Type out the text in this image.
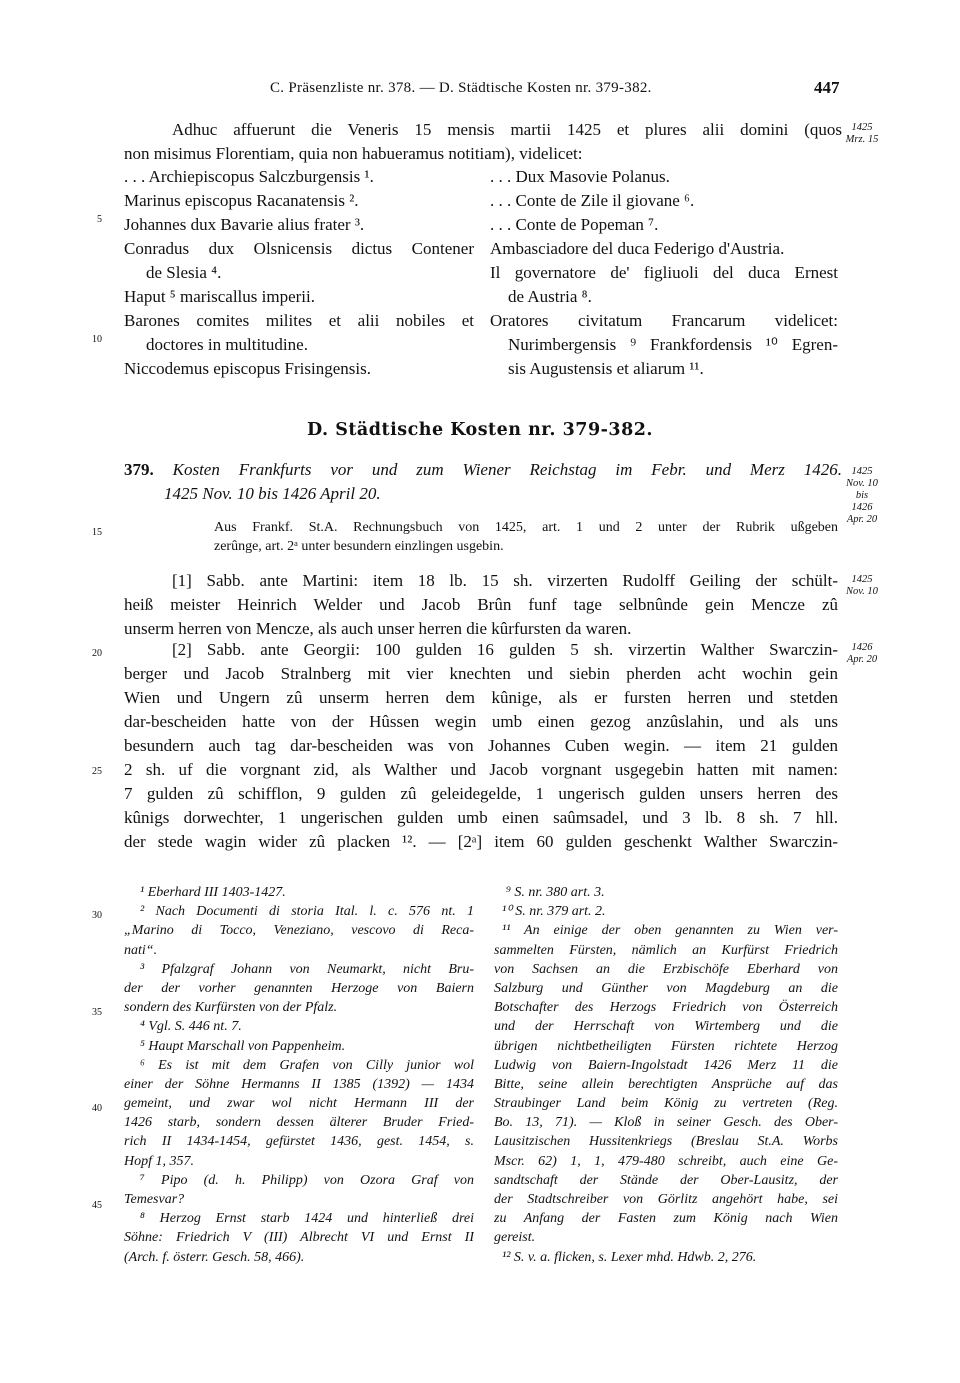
C. Präsenzliste nr. 378. — D. Städtische Kosten nr. 379-382.	447
Adhuc affuerunt die Veneris 15 mensis martii 1425 et plures alii domini (quos
non misimus Florentiam, quia non habueramus notitiam), videlicet:
1425
Mrz. 15
. . . Archiepiscopus Salczburgensis ¹.
Marinus episcopus Racanatensis ².
Johannes dux Bavarie alius frater ³.
Conradus dux Olsnicensis dictus Contener
de Slesia ⁴.
Haput ⁵ mariscallus imperii.
Barones comites milites et alii nobiles et
doctores in multitudine.
Niccodemus episcopus Frisingensis.
. . . Dux Masovie Polanus.
. . . Conte de Zile il giovane ⁶.
. . . Conte de Popeman ⁷.
Ambasciadore del duca Federigo d'Austria.
Il governatore de' figliuoli del duca Ernest
de Austria ⁸.
Oratores civitatum Francarum videlicet:
Nurimbergensis ⁹ Frankfordensis ¹⁰ Egren-
sis Augustensis et aliarum ¹¹.
5
10
15
20
25
30
35
40
45
D. Städtische Kosten nr. 379-382.
379. Kosten Frankfurts vor und zum Wiener Reichstag im Febr. und Merz 1426.
1425 Nov. 10 bis 1426 April 20.
1425
Nov. 10
bis
1426
Apr. 20
Aus Frankf. St.A. Rechnungsbuch von 1425, art. 1 und 2 unter der Rubrik ußgeben
zerûnge, art. 2ᵃ unter besundern einzlingen usgebin.
[1] Sabb. ante Martini: item 18 lb. 15 sh. virzerten Rudolff Geiling der schült-
heiß meister Heinrich Welder und Jacob Brûn funf tage selbnûnde gein Mencze zû
unserm herren von Mencze, als auch unser herren die kûrfursten da waren.
1425
Nov. 10
[2] Sabb. ante Georgii: 100 gulden 16 gulden 5 sh. virzertin Walther Swarczin-
berger und Jacob Stralnberg mit vier knechten und siebin pherden acht wochin gein
Wien und Ungern zû unserm herren dem kûnige, als er fursten herren und stetden
dar-bescheiden hatte von der Hûssen wegin umb einen gezog anzûslahin, und als uns
besundern auch tag dar-bescheiden was von Johannes Cuben wegin. — item 21 gulden
2 sh. uf die vorgnant zid, als Walther und Jacob vorgnant usgegebin hatten mit namen:
7 gulden zû schifflon, 9 gulden zû geleidegelde, 1 ungerisch gulden unsers herren des
kûnigs dorwechter, 1 ungerischen gulden umb einen saûmsadel, und 3 lb. 8 sh. 7 hll.
der stede wagin wider zû placken ¹². — [2ᵃ] item 60 gulden geschenkt Walther Swarczin-
1426
Apr. 20
¹ Eberhard III 1403-1427.
² Nach Documenti di storia Ital. l. c. 576 nt. 1
„Marino di Tocco, Veneziano, vescovo di Reca-
nati“.
³ Pfalzgraf Johann von Neumarkt, nicht Bru-
der der vorher genannten Herzoge von Baiern
sondern des Kurfürsten von der Pfalz.
⁴ Vgl. S. 446 nt. 7.
⁵ Haupt Marschall von Pappenheim.
⁶ Es ist mit dem Grafen von Cilly junior wol
einer der Söhne Hermanns II 1385 (1392) — 1434
gemeint, und zwar wol nicht Hermann III der
1426 starb, sondern dessen älterer Bruder Fried-
rich II 1434-1454, gefürstet 1436, gest. 1454, s.
Hopf 1, 357.
⁷ Pipo (d. h. Philipp) von Ozora Graf von
Temesvar?
⁸ Herzog Ernst starb 1424 und hinterließ drei
Söhne: Friedrich V (III) Albrecht VI und Ernst II
(Arch. f. österr. Gesch. 58, 466).
⁹ S. nr. 380 art. 3.
¹⁰ S. nr. 379 art. 2.
¹¹ An einige der oben genannten zu Wien ver-
sammelten Fürsten, nämlich an Kurfürst Friedrich
von Sachsen an die Erzbischöfe Eberhard von
Salzburg und Günther von Magdeburg an die
Botschafter des Herzogs Friedrich von Österreich
und der Herrschaft von Wirtemberg und die
übrigen nichtbetheiligten Fürsten richtete Herzog
Ludwig von Baiern-Ingolstadt 1426 Merz 11 die
Bitte, seine allein berechtigten Ansprüche auf das
Straubinger Land beim König zu vertreten (Reg.
Bo. 13, 71). — Kloß in seiner Gesch. des Ober-
Lausitzischen Hussitenkriegs (Breslau St.A. Worbs
Mscr. 62) 1, 1, 479-480 schreibt, auch eine Ge-
sandtschaft der Stände der Ober-Lausitz, der
der Stadtschreiber von Görlitz angehört habe, sei
zu Anfang der Fasten zum König nach Wien
gereist.
¹² S. v. a. flicken, s. Lexer mhd. Hdwb. 2, 276.
